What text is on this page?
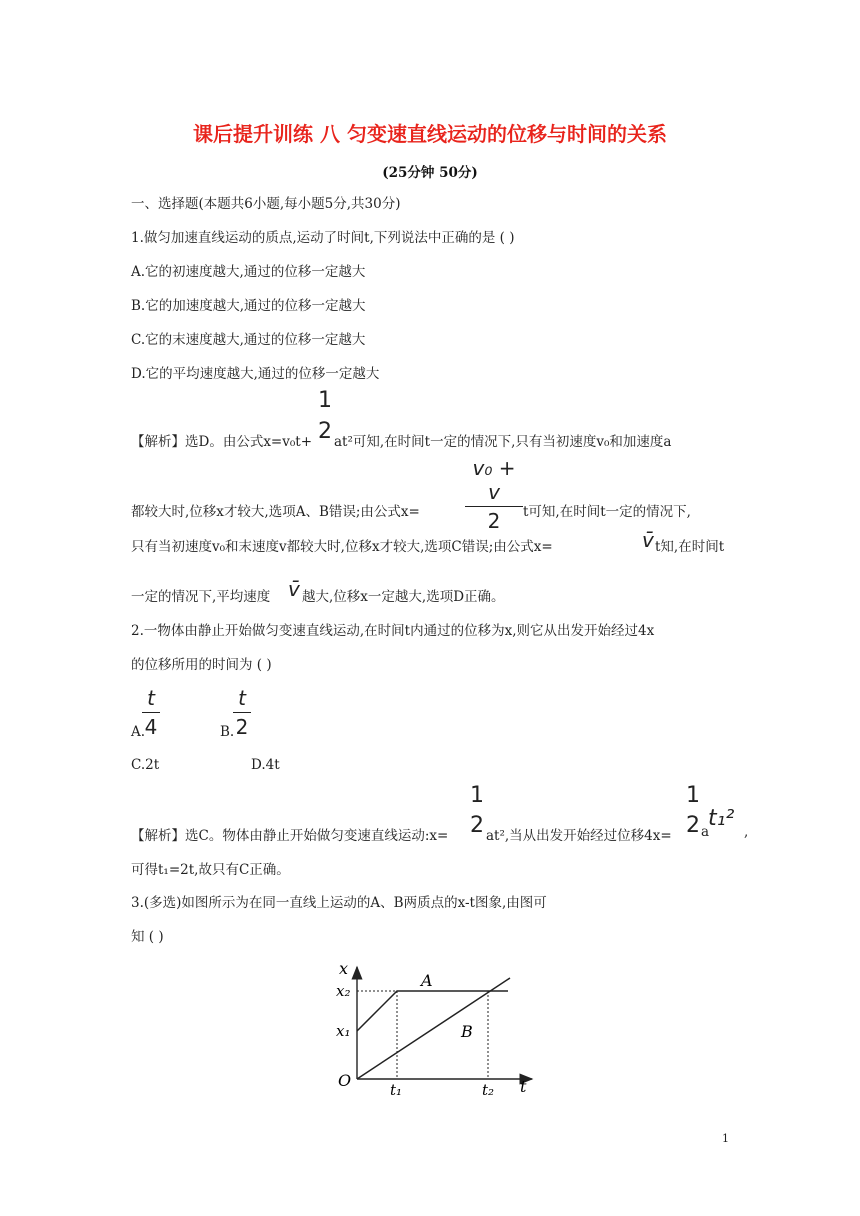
课后提升训练 八 匀变速直线运动的位移与时间的关系
(25分钟 50分)
一、选择题(本题共6小题,每小题5分,共30分)
1.做匀加速直线运动的质点,运动了时间t,下列说法中正确的是 ( )
A.它的初速度越大,通过的位移一定越大
B.它的加速度越大,通过的位移一定越大
C.它的末速度越大,通过的位移一定越大
D.它的平均速度越大,通过的位移一定越大
【解析】选D。由公式x=v₀t+
1
2 at²可知,在时间t一定的情况下,只有当初速度v₀和加速度a
都较大时,位移x才较大,选项A、B错误;由公式x=
v₀ + v
2	t可知,在时间t一定的情况下,
只有当初速度v₀和末速度v都较大时,位移x才较大,选项C错误;由公式x=	v̄ t知,在时间t
一定的情况下,平均速度 v̄ 越大,位移x一定越大,选项D正确。
2.一物体由静止开始做匀变速直线运动,在时间t内通过的位移为x,则它从出发开始经过4x
的位移所用的时间为 ( )
A.
t
4	B.
t
2
C.2t	D.4t
【解析】选C。物体由静止开始做匀变速直线运动:x=
1
2 at²,当从出发开始经过位移4x=
1
2 a
t₁²
,
可得t₁=2t,故只有C正确。
3.(多选)如图所示为在同一直线上运动的A、B两质点的x-t图象,由图可
知 ( )
x
t
O
x₂
x₁
t₁	t₂
A
B
1
